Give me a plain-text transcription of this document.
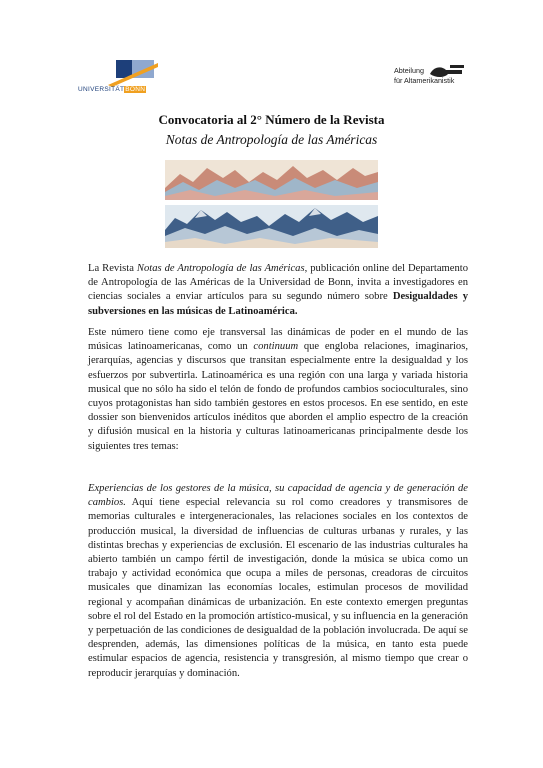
UNIVERSITÄTBONN
Abteilung
für Altamerikanistik
Convocatoria al 2° Número de la Revista
Notas de Antropología de las Américas
La Revista Notas de Antropología de las Américas, publicación online del Departamento de Antropología de las Américas de la Universidad de Bonn, invita a investigadores en ciencias sociales a enviar artículos para su segundo número sobre Desigualdades y subversiones en las músicas de Latinoamérica.
Este número tiene como eje transversal las dinámicas de poder en el mundo de las músicas latinoamericanas, como un continuum que engloba relaciones, imaginarios, jerarquías, agencias y discursos que transitan especialmente entre la desigualdad y los esfuerzos por subvertirla. Latinoamérica es una región con una larga y variada historia musical que no sólo ha sido el telón de fondo de profundos cambios socioculturales, sino cuyos protagonistas han sido también gestores en estos procesos. En ese sentido, en este dossier son bienvenidos artículos inéditos que aborden el amplio espectro de la creación y difusión musical en la historia y culturas latinoamericanas principalmente desde los siguientes tres temas:
Experiencias de los gestores de la música, su capacidad de agencia y de generación de cambios. Aquí tiene especial relevancia su rol como creadores y transmisores de memorias culturales e intergeneracionales, las relaciones sociales en los contextos de producción musical, la diversidad de influencias de culturas urbanas y rurales, y las distintas brechas y experiencias de exclusión. El escenario de las industrias culturales ha abierto también un campo fértil de investigación, donde la música se ubica como un trabajo y actividad económica que ocupa a miles de personas, creadoras de circuitos musicales que dinamizan las economías locales, estimulan procesos de movilidad regional y acompañan dinámicas de urbanización. En este contexto emergen preguntas sobre el rol del Estado en la promoción artístico-musical, y su influencia en la generación y perpetuación de las condiciones de desigualdad de la población involucrada. De aquí se desprenden, además, las dimensiones políticas de la música, en tanto esta puede estimular espacios de agencia, resistencia y transgresión, al mismo tiempo que crear o reproducir jerarquías y dominación.
